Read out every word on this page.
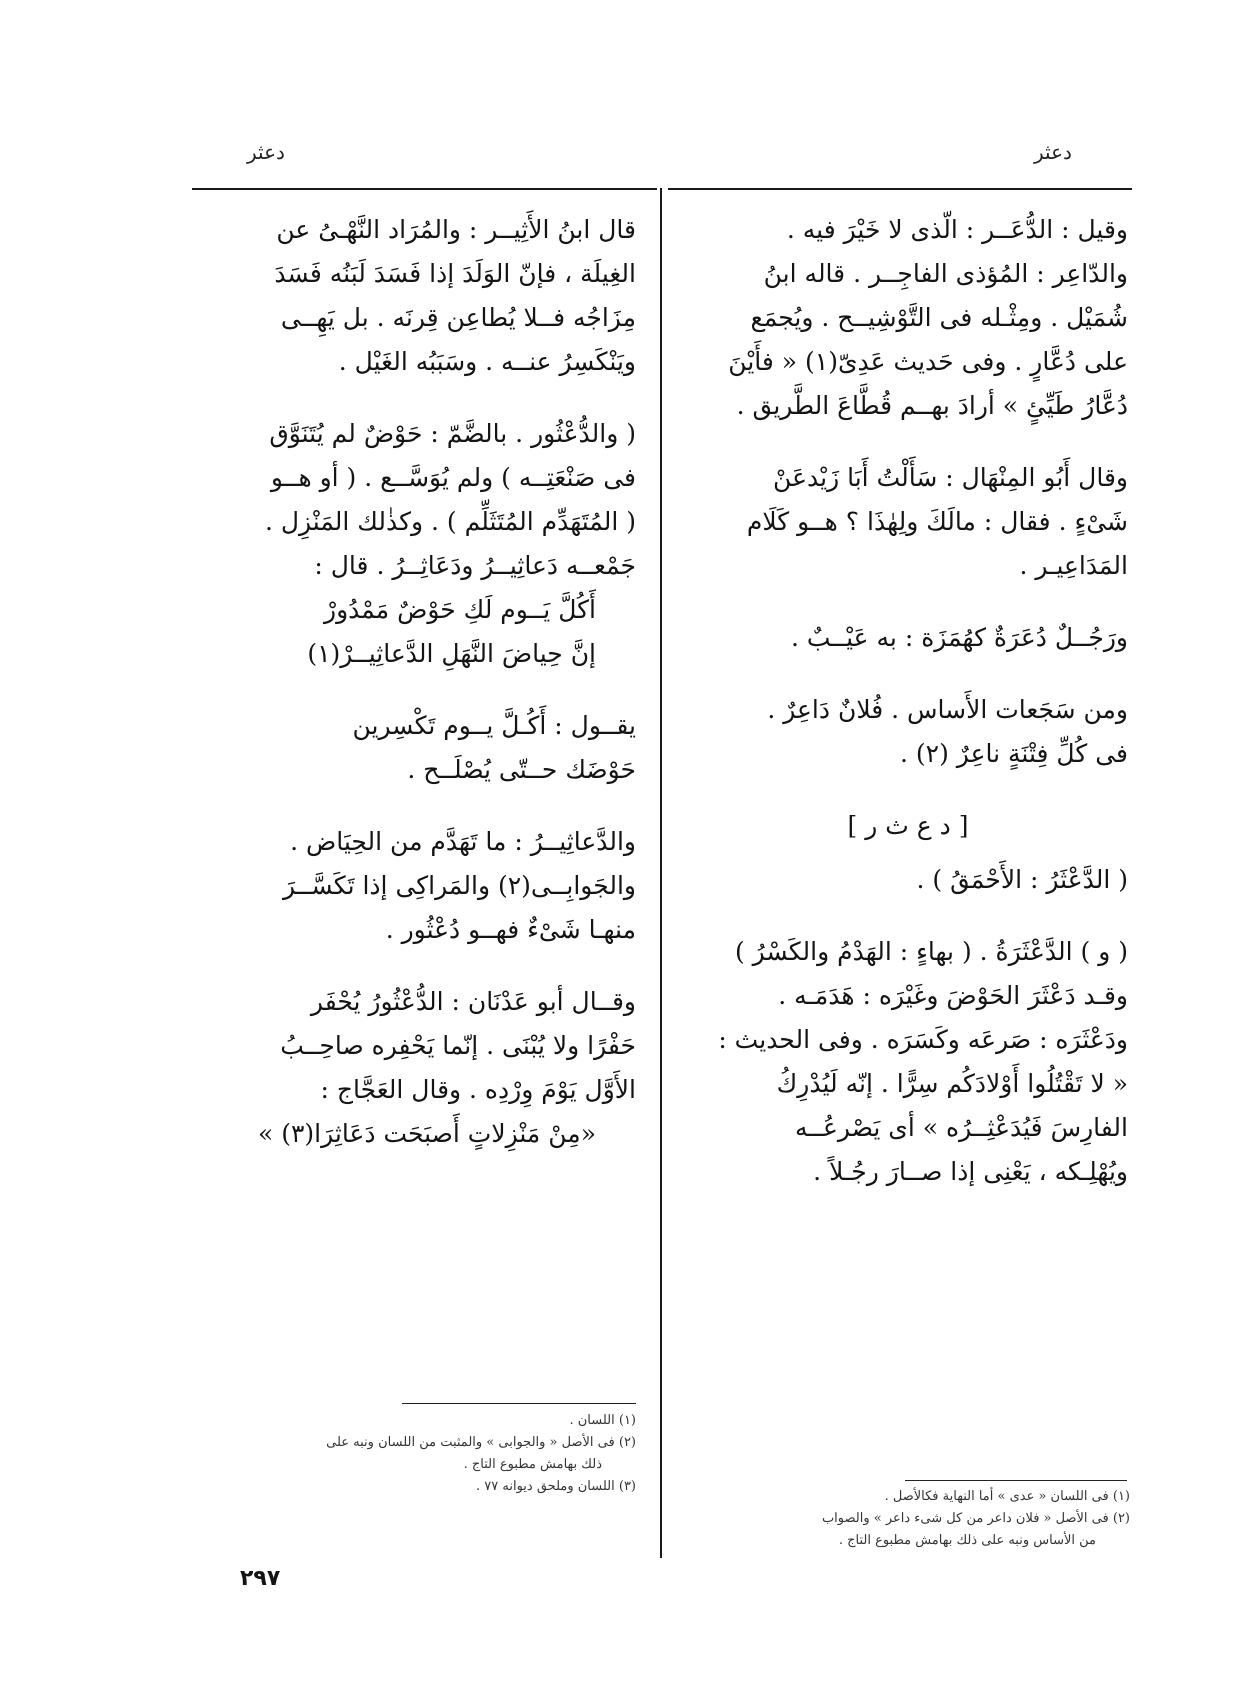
دعثر
دعثر
وقيل : الدُّعَــر : الّذى لا خَيْرَ فيه .
والدّاعِر : المُؤذى الفاجِــر . قاله ابنُ
شُمَيْل . ومِثْـله فى التَّوْشِيــح . ويُجمَع
على دُعَّارٍ . وفى حَديث عَدِىّ(١) « فأَيْنَ
دُعَّارُ طَيِّئٍ » أرادَ بهــم قُطَّاعَ الطَّريق .
وقال أَبُو المِنْهَال : سَأَلْتُ أَبَا زَيْدعَنْ
شَىْءٍ . فقال : مالَكَ ولِهٰذَا ؟ هــو كَلَام
المَدَاعِيـر .
ورَجُــلٌ دُعَرَةٌ كهُمَزَة : به عَيْــبٌ .
ومن سَجَعات الأَساس . فُلانٌ دَاعِرٌ .
فى كُلِّ فِتْنَةٍ ناعِرٌ (٢) .
[ د ع ث ر ]
( الدَّعْثَرُ : الأَحْمَقُ ) .
( و ) الدَّعْثَرَةُ . ( بهاءٍ : الهَدْمُ والكَسْرُ )
وقـد دَعْثَرَ الحَوْضَ وغَيْرَه : هَدَمَـه .
ودَعْثَرَه : صَرعَه وكَسَرَه . وفى الحديث :
« لا تَقْتُلُوا أَوْلادَكُم سِرًّا . إنّه لَيُدْرِكُ
الفارِسَ فَيُدَعْثِــرُه » أى يَصْرعُــه
ويُهْلِـكه ، يَعْنِى إذا صــارَ رجُـلاً .
قال ابنُ الأَثِيــر : والمُرَاد النَّهْـىُ عن
الغِيلَة ، فإنّ الوَلَدَ إذا فَسَدَ لَبَنُه فَسَدَ
مِزَاجُه فــلا يُطاعِن قِرنَه . بل يَهِــى
ويَنْكَسِرُ عنــه . وسَبَبُه الغَيْل .
( والدُّعْثُور . بالضَّمّ : حَوْضٌ لم يُتَنَوَّق
فى صَنْعَتِــه ) ولم يُوَسَّــع . ( أو هــو
( المُتَهَدِّم المُتَثَلِّم ) . وكذٰلك المَنْزِل .
جَمْعــه دَعاثِيــرُ ودَعَاثِــرُ . قال :
أَكُلَّ يَــوم لَكِ حَوْضٌ مَمْدُورْ
إنَّ حِياضَ النَّهَلِ الدَّعاثِيــرْ(١)
يقــول : أَكُـلَّ يــوم تَكْسِرين
حَوْضَك حــتّى يُصْلَــح .
والدَّعاثِيــرُ : ما تَهَدَّم من الحِيَاض .
والجَوابِــى(٢) والمَراكِى إذا تَكَسَّــرَ
منهـا شَىْءٌ فهــو دُعْثُور .
وقــال أبو عَدْنَان : الدُّعْثُورُ يُحْفَر
حَفْرًا ولا يُبْنَى . إنّما يَحْفِره صاحِــبُ
الأَوَّل يَوْمَ وِرْدِه . وقال العَجَّاج :
«مِنْ مَنْزِلاتٍ أَصبَحَت دَعَاثِرَا(٣) »
(١) فى اللسان « عدى » أما النهاية فكالأصل .
(٢) فى الأصل « فلان داعر من كل شىء داعر » والصواب
من الأساس ونبه على ذلك بهامش مطبوع التاج .
(١) اللسان .
(٢) فى الأصل « والجوابى » والمثبت من اللسان ونبه على
ذلك بهامش مطبوع التاج .
(٣) اللسان وملحق ديوانه ٧٧ .
٢٩٧
